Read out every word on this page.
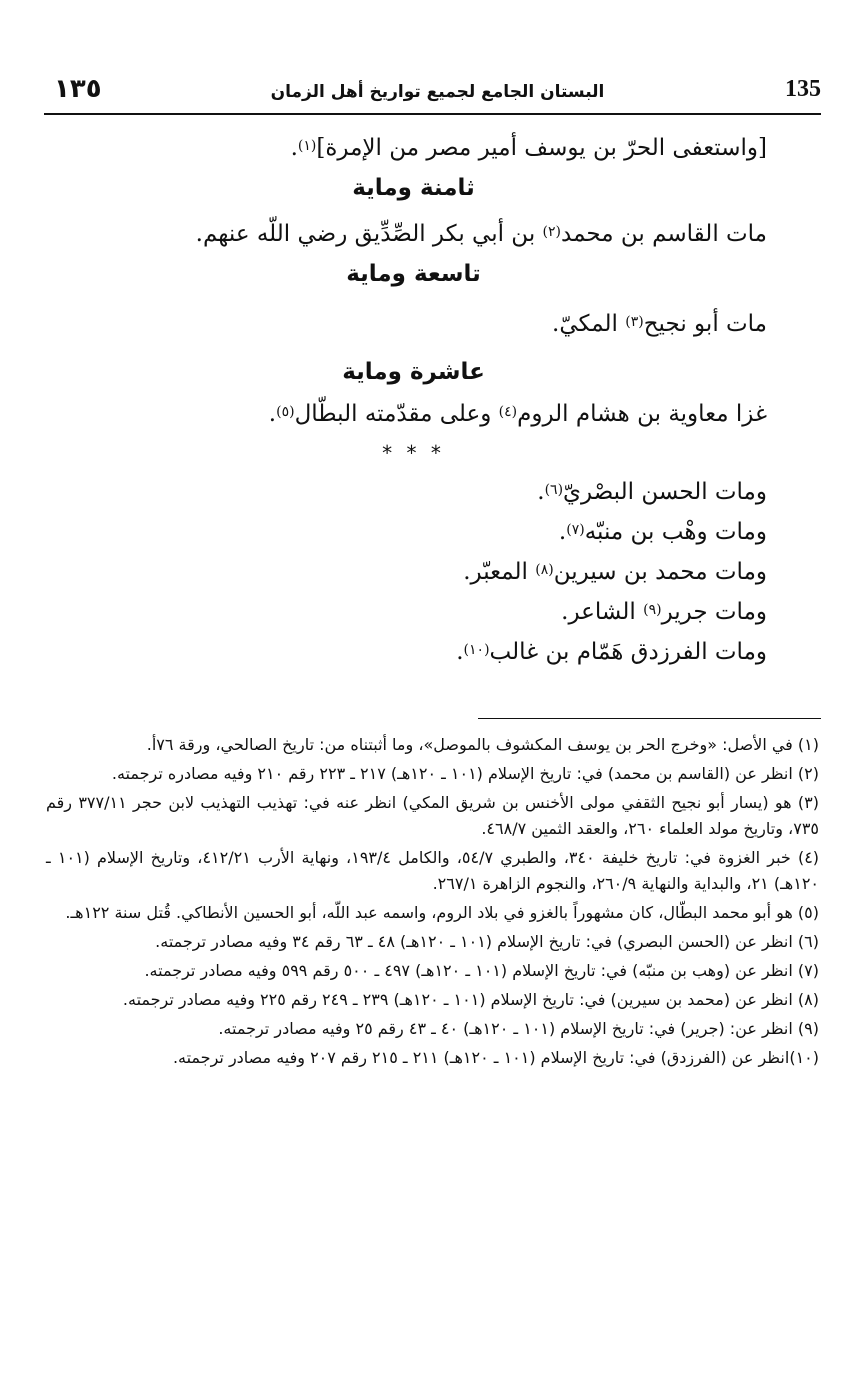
135
البستان الجامع لجميع تواريخ أهل الزمان
١٣٥

[واستعفى الحرّ بن يوسف أمير مصر من الإمرة]$^{(١)}$.

ثامنة وماية

مات القاسم بن محمد$^{(٢)}$ بن أبي بكر الصِّدِّيق رضي اللّه عنهم.

تاسعة وماية

مات أبو نجيح$^{(٣)}$ المكيّ.

عاشرة وماية

غزا معاوية بن هشام الروم$^{(٤)}$ وعلى مقدّمته البطّال$^{(٥)}$.

* * *

ومات الحسن البصْريّ$^{(٦)}$.

ومات وهْب بن منبّه$^{(٧)}$.

ومات محمد بن سيرين$^{(٨)}$ المعبّر.

ومات جرير$^{(٩)}$ الشاعر.

ومات الفرزدق هَمّام بن غالب$^{(١٠)}$.

(١) في الأصل: «وخرج الحر بن يوسف المكشوف بالموصل»، وما أثبتناه من: تاريخ الصالحي، ورقة ٧٦أ.

(٢) انظر عن (القاسم بن محمد) في: تاريخ الإسلام (١٠١ ـ ١٢٠هـ) ٢١٧ ـ ٢٢٣ رقم ٢١٠ وفيه مصادره ترجمته.

(٣) هو (يسار أبو نجيح الثقفي مولى الأخنس بن شريق المكي) انظر عنه في: تهذيب التهذيب لابن حجر ٣٧٧/١١ رقم ٧٣٥، وتاريخ مولد العلماء ٢٦٠، والعقد الثمين ٤٦٨/٧.

(٤) خبر الغزوة في: تاريخ خليفة ٣٤٠، والطبري ٥٤/٧، والكامل ١٩٣/٤، ونهاية الأرب ٤١٢/٢١، وتاريخ الإسلام (١٠١ ـ ١٢٠هـ) ٢١، والبداية والنهاية ٢٦٠/٩، والنجوم الزاهرة ٢٦٧/١.

(٥) هو أبو محمد البطّال، كان مشهوراً بالغزو في بلاد الروم، واسمه عبد اللّه، أبو الحسين الأنطاكي. قُتل سنة ١٢٢هـ.

(٦) انظر عن (الحسن البصري) في: تاريخ الإسلام (١٠١ ـ ١٢٠هـ) ٤٨ ـ ٦٣ رقم ٣٤ وفيه مصادر ترجمته.

(٧) انظر عن (وهب بن منبّه) في: تاريخ الإسلام (١٠١ ـ ١٢٠هـ) ٤٩٧ ـ ٥٠٠ رقم ٥٩٩ وفيه مصادر ترجمته.

(٨) انظر عن (محمد بن سيرين) في: تاريخ الإسلام (١٠١ ـ ١٢٠هـ) ٢٣٩ ـ ٢٤٩ رقم ٢٢٥ وفيه مصادر ترجمته.

(٩) انظر عن: (جرير) في: تاريخ الإسلام (١٠١ ـ ١٢٠هـ) ٤٠ ـ ٤٣ رقم ٢٥ وفيه مصادر ترجمته.

(١٠)انظر عن (الفرزدق) في: تاريخ الإسلام (١٠١ ـ ١٢٠هـ) ٢١١ ـ ٢١٥ رقم ٢٠٧ وفيه مصادر ترجمته.
